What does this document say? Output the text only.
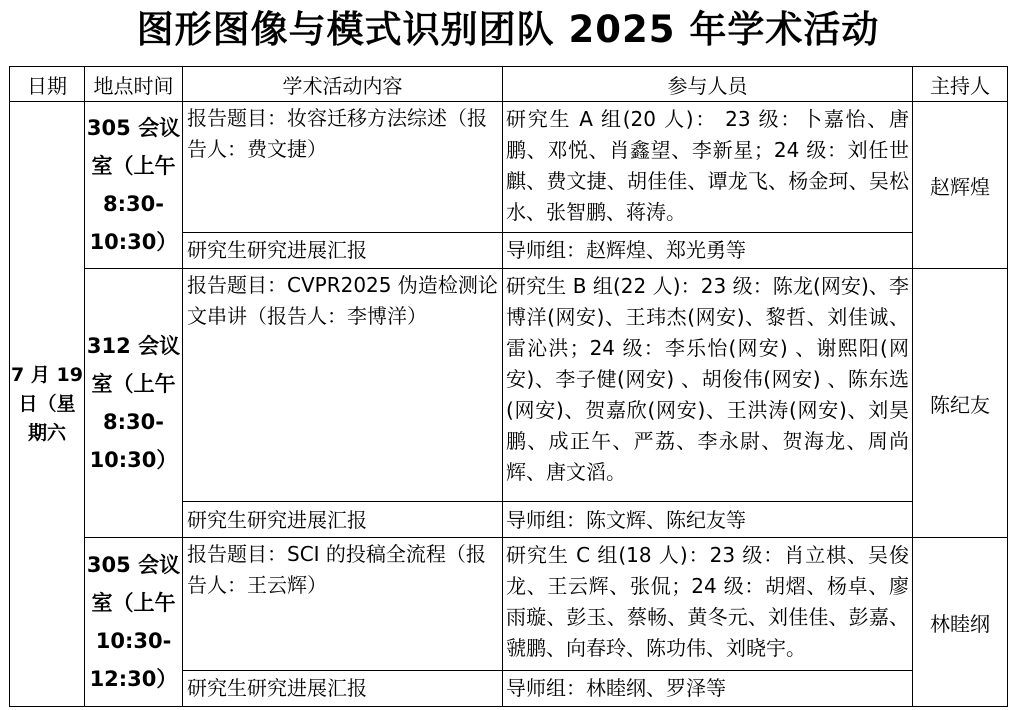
图形图像与模式识别团队 2025 年学术活动
日期	地点时间	学术活动内容	参与人员	主持人
7 月 19 日（星期六	305 会议室（上午 8:30-10:30）	报告题目：妆容迁移方法综述（报告人：费文捷）	研究生 A 组(20 人)： 23 级：卜嘉怡、唐鹏、邓悦、肖鑫望、李新星；24 级：刘任世麒、费文捷、胡佳佳、谭龙飞、杨金珂、吴松水、张智鹏、蒋涛。	赵辉煌
		研究生研究进展汇报	导师组：赵辉煌、郑光勇等	
	312 会议室（上午 8:30-10:30）	报告题目：CVPR2025 伪造检测论文串讲（报告人：李博洋）	研究生 B 组(22 人)：23 级：陈龙(网安)、李博洋(网安)、王玮杰(网安)、黎哲、刘佳诚、雷沁洪；24 级：李乐怡(网安) 、谢熙阳(网安)、李子健(网安) 、胡俊伟(网安) 、陈东选(网安)、贺嘉欣(网安)、王洪涛(网安)、刘昊鹏、成正午、严荔、李永尉、贺海龙、周尚辉、唐文滔。	陈纪友
		研究生研究进展汇报	导师组：陈文辉、陈纪友等	
	305 会议室（上午 10:30-12:30）	报告题目：SCI 的投稿全流程（报告人：王云辉）	研究生 C 组(18 人)：23 级：肖立棋、吴俊龙、王云辉、张侃；24 级：胡熠、杨卓、廖雨璇、彭玉、蔡畅、黄冬元、刘佳佳、彭嘉、虢鹏、向春玲、陈功伟、刘晓宇。	林睦纲
		研究生研究进展汇报	导师组：林睦纲、罗泽等	
